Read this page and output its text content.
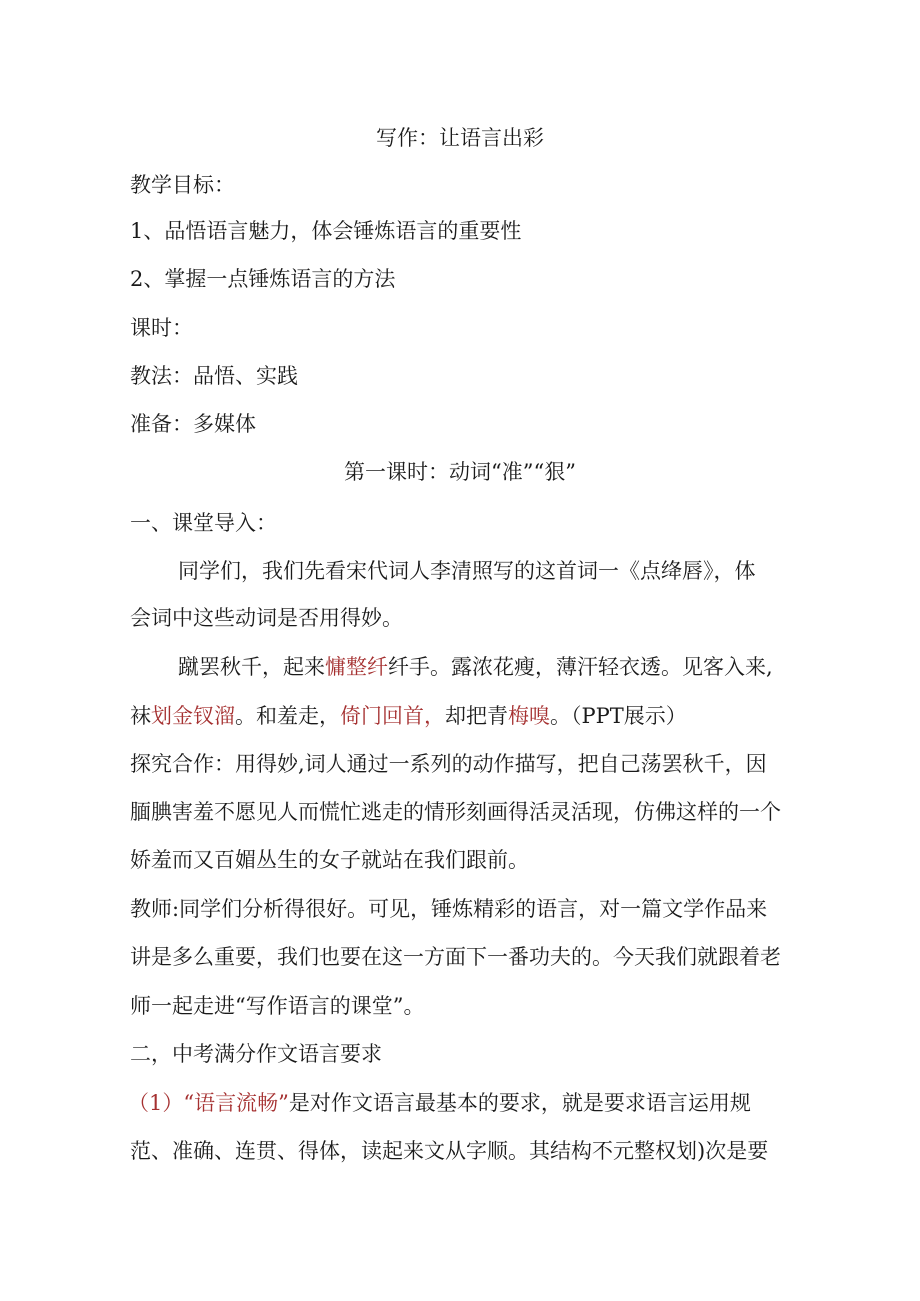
写作：让语言出彩

教学目标：

1、品悟语言魅力，体会锤炼语言的重要性

2、掌握一点锤炼语言的方法

课时：

教法：品悟、实践

准备：多媒体

第一课时：动词“准”“狠”

一、课堂导入：

同学们，我们先看宋代词人李清照写的这首词一《点绛唇》，体

会词中这些动词是否用得妙。

蹴罢秋千，起来慵整纤纤手。露浓花瘦，薄汗轻衣透。见客入来,

袜划金钗溜。和羞走，倚门回首，却把青梅嗅。（PPT展示）

探究合作：用得妙,词人通过一系列的动作描写，把自己荡罢秋千，因

腼腆害羞不愿见人而慌忙逃走的情形刻画得活灵活现，仿佛这样的一个

娇羞而又百媚丛生的女子就站在我们跟前。

教师:同学们分析得很好。可见，锤炼精彩的语言，对一篇文学作品来

讲是多么重要，我们也要在这一方面下一番功夫的。今天我们就跟着老

师一起走进“写作语言的课堂”。

二，中考满分作文语言要求

（1）“语言流畅”是对作文语言最基本的要求，就是要求语言运用规

范、准确、连贯、得体，读起来文从字顺。其结构不元整权划)次是要
